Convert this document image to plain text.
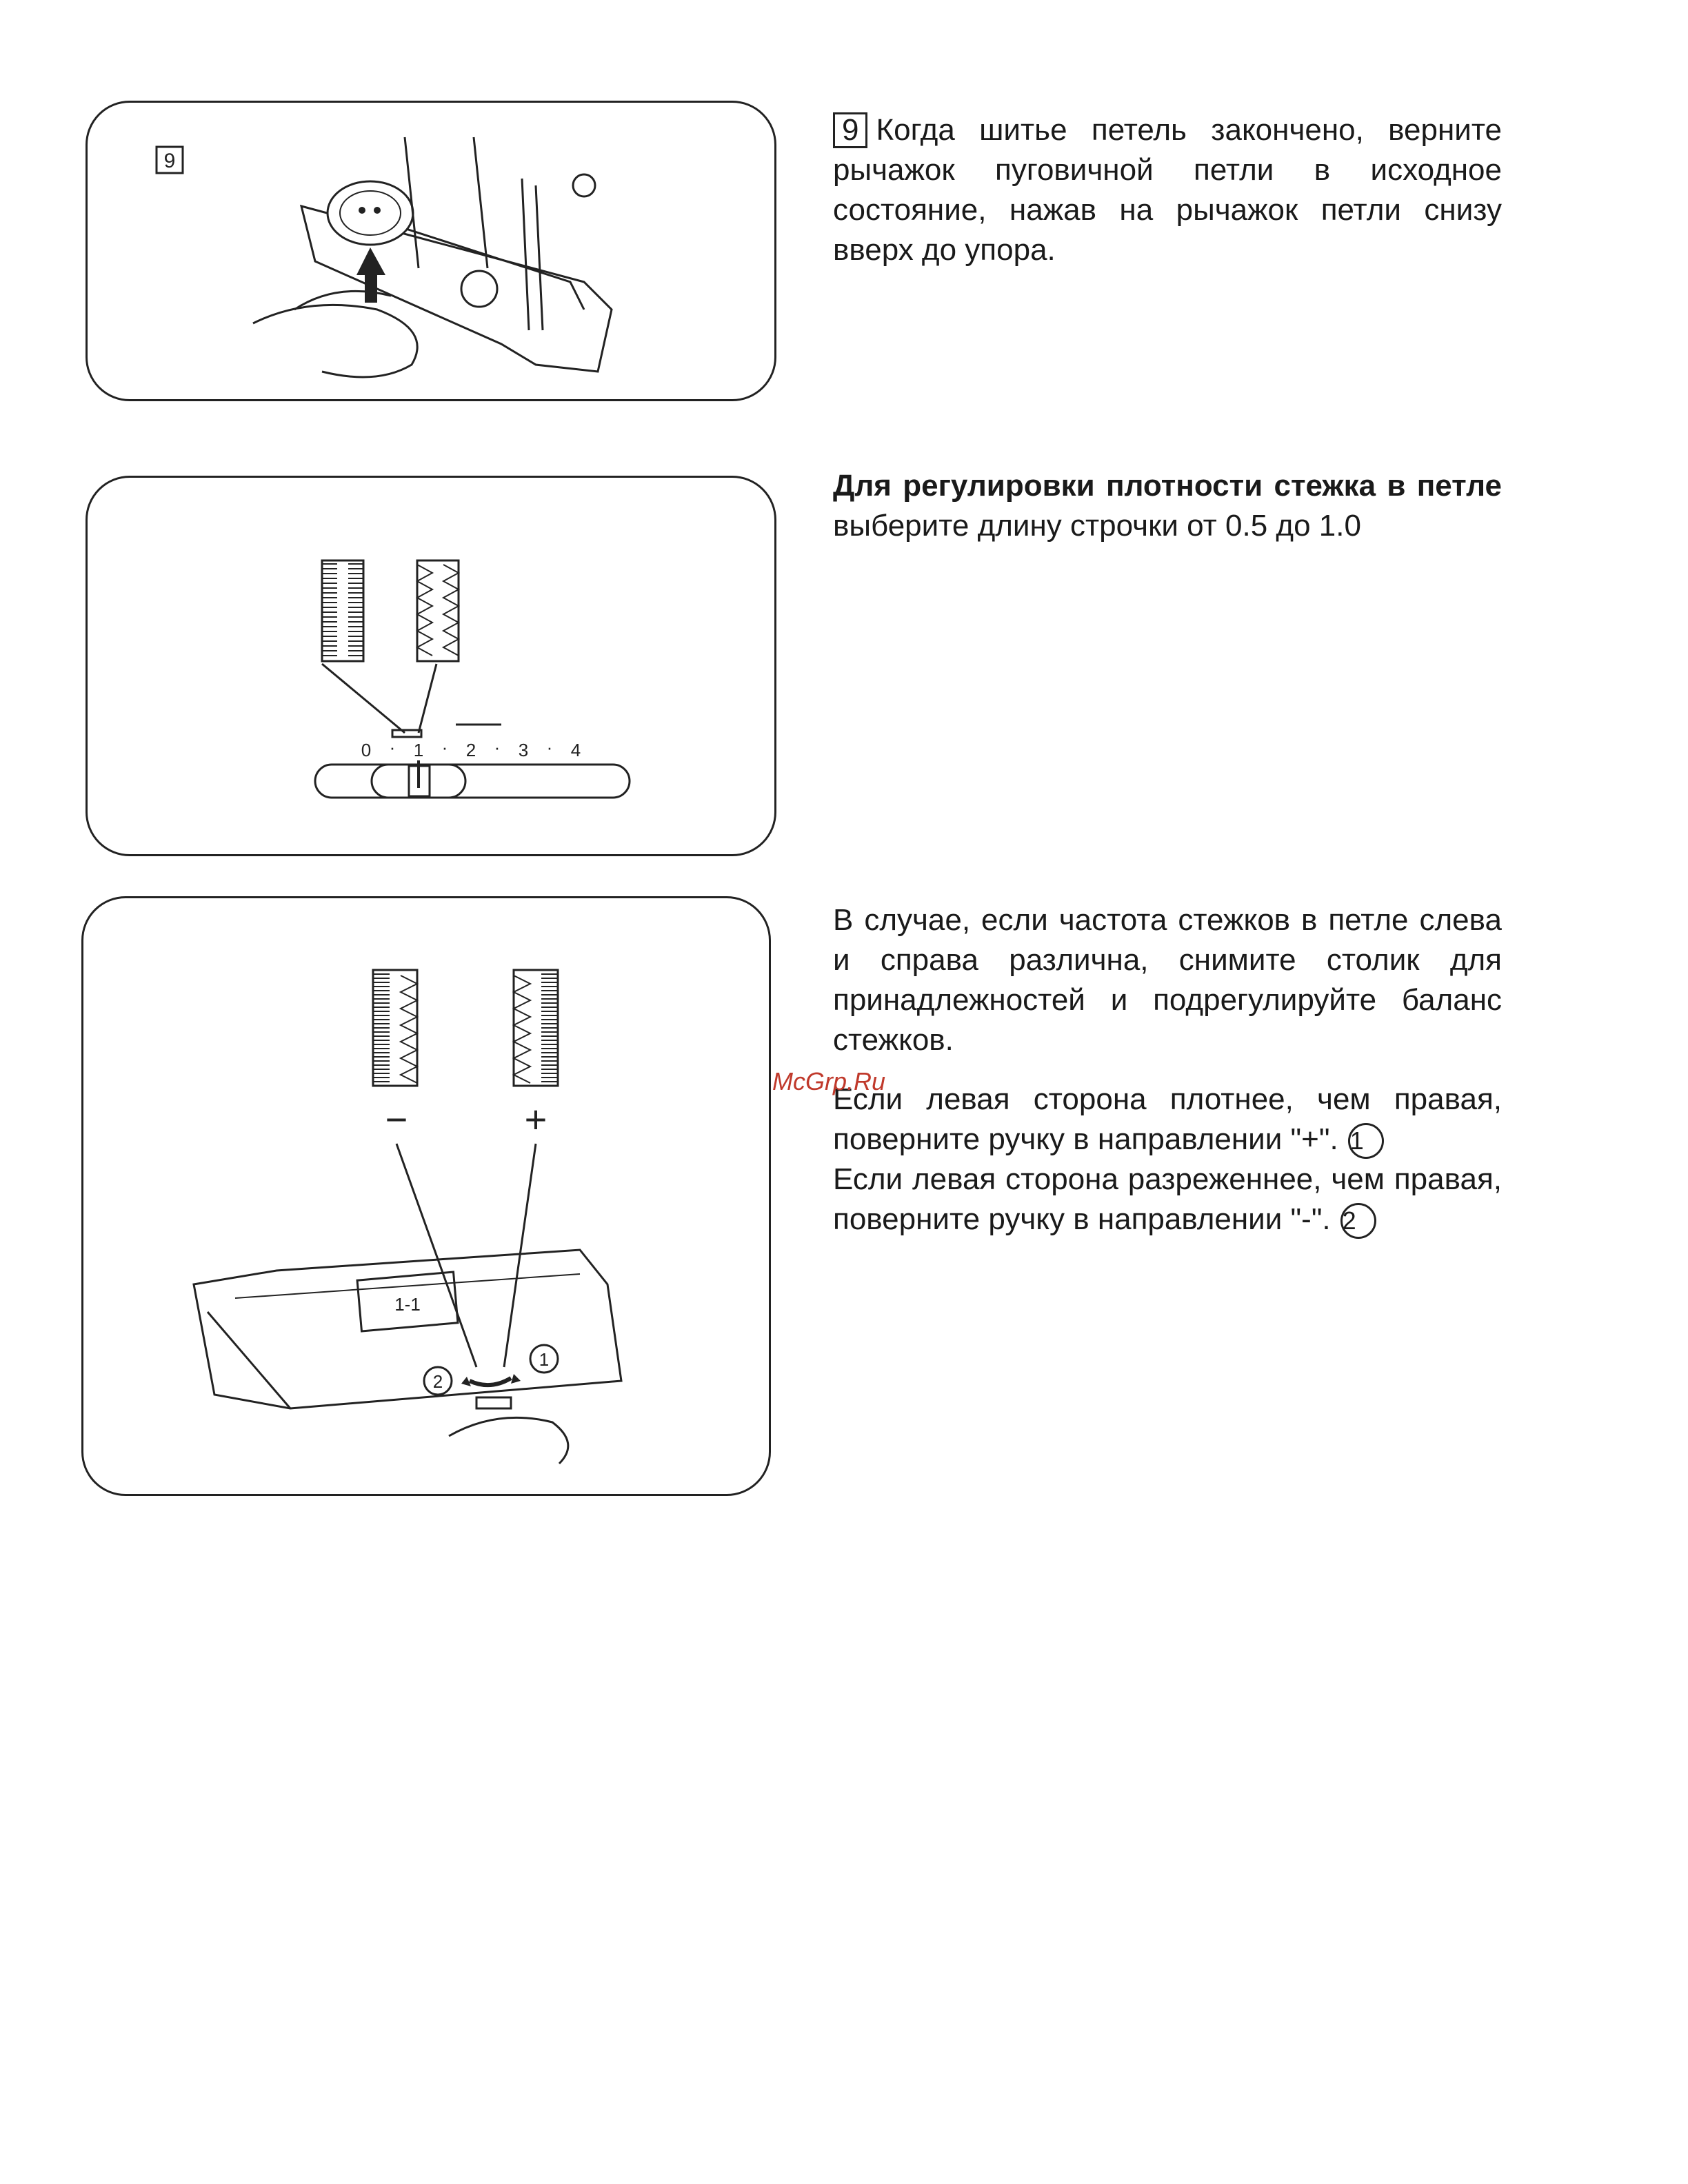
9
0 1 2 3 4
·	·	·	·
−	+
1-1
2
1

9 Когда шитье петель закончено, верните рычажок пуговичной петли в исходное состояние, нажав на рычажок петли снизу вверх до упора.

Для регулировки плотности стежка в петле выберите длину строчки от 0.5 до 1.0

В случае, если частота стежков в петле слева и справа различна, снимите столик для принадлежностей и подрегулируйте баланс стежков.

Если левая сторона плотнее, чем правая, поверните ручку в направлении "+". 1

Если левая сторона разреженнее, чем правая, поверните ручку в направлении "-". 2

McGrp.Ru
